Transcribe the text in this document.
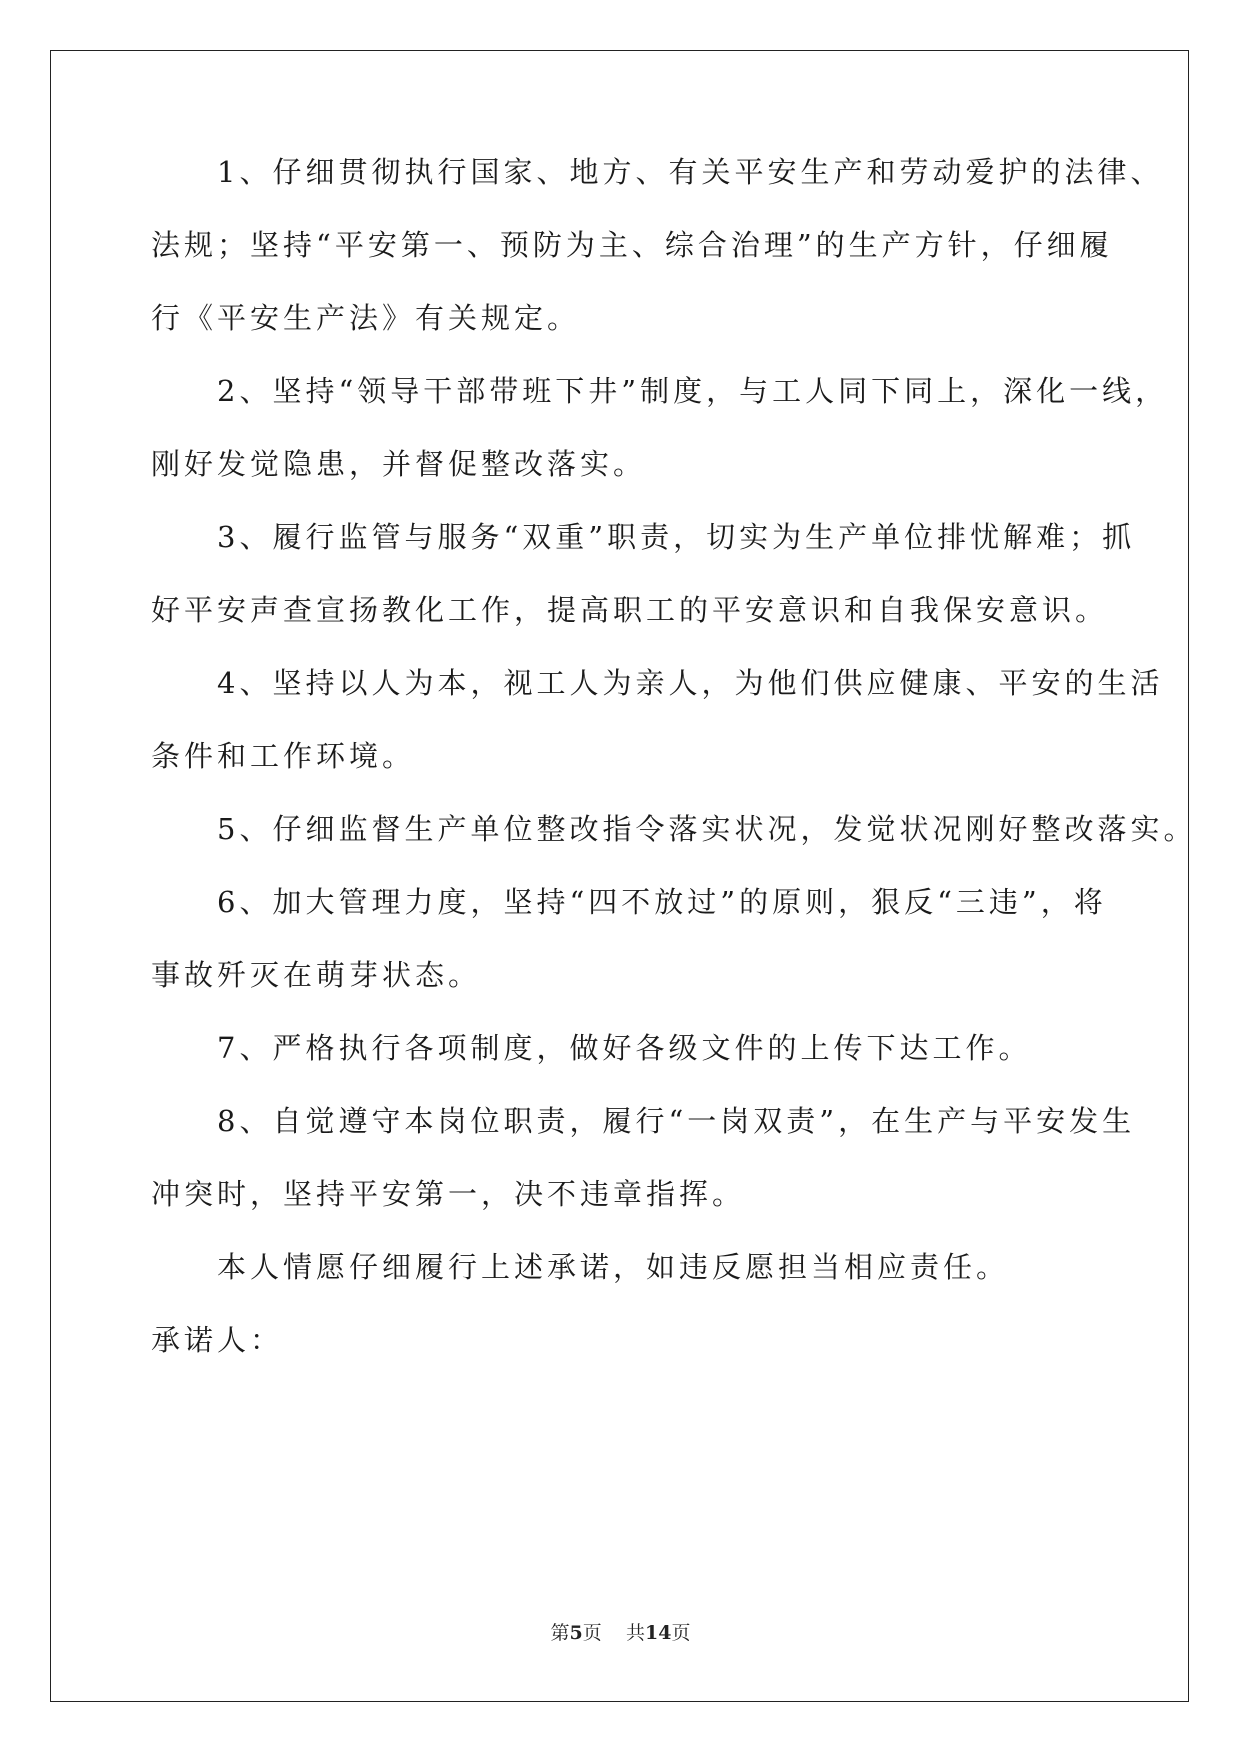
　　1、仔细贯彻执行国家、地方、有关平安生产和劳动爱护的法律、
法规；坚持“平安第一、预防为主、综合治理”的生产方针，仔细履
行《平安生产法》有关规定。
　　2、坚持“领导干部带班下井”制度，与工人同下同上，深化一线，
刚好发觉隐患，并督促整改落实。
　　3、履行监管与服务“双重”职责，切实为生产单位排忧解难；抓
好平安声查宣扬教化工作，提高职工的平安意识和自我保安意识。
　　4、坚持以人为本，视工人为亲人，为他们供应健康、平安的生活
条件和工作环境。
　　5、仔细监督生产单位整改指令落实状况，发觉状况刚好整改落实。
　　6、加大管理力度，坚持“四不放过”的原则，狠反“三违”，将
事故歼灭在萌芽状态。
　　7、严格执行各项制度，做好各级文件的上传下达工作。
　　8、自觉遵守本岗位职责，履行“一岗双责”，在生产与平安发生
冲突时，坚持平安第一，决不违章指挥。
　　本人情愿仔细履行上述承诺，如违反愿担当相应责任。
承诺人：
第5页 共14页
